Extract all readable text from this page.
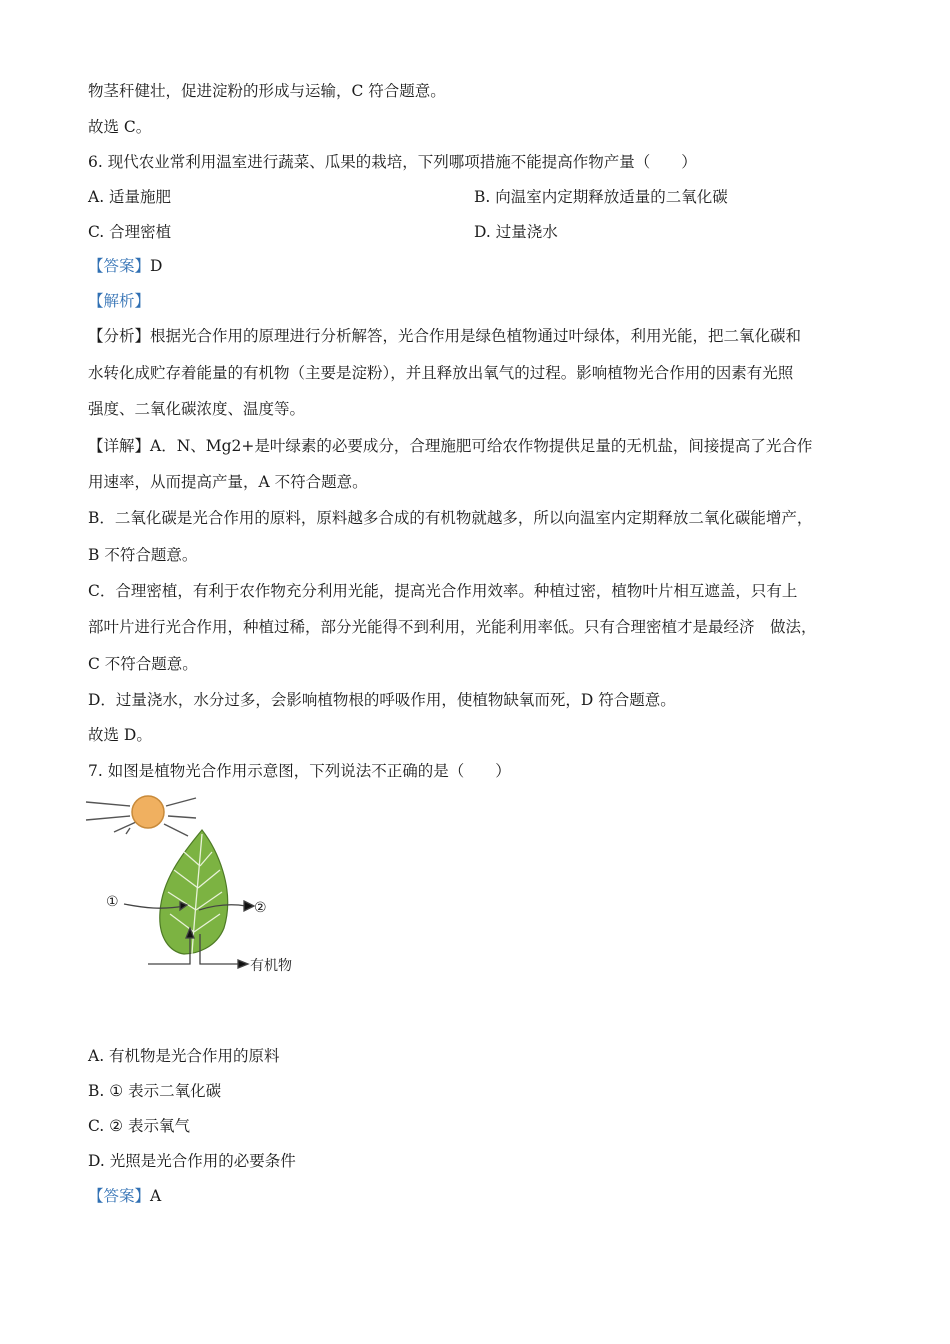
物茎秆健壮，促进淀粉的形成与运输，C 符合题意。
故选 C。
6. 现代农业常利用温室进行蔬菜、瓜果的栽培，下列哪项措施不能提高作物产量（　　）
A. 适量施肥	B. 向温室内定期释放适量的二氧化碳
C. 合理密植	D. 过量浇水
【答案】D
【解析】
【分析】根据光合作用的原理进行分析解答，光合作用是绿色植物通过叶绿体，利用光能，把二氧化碳和
水转化成贮存着能量的有机物（主要是淀粉），并且释放出氧气的过程。影响植物光合作用的因素有光照
强度、二氧化碳浓度、温度等。
【详解】A．N、Mg2+是叶绿素的必要成分，合理施肥可给农作物提供足量的无机盐，间接提高了光合作
用速率，从而提高产量，A 不符合题意。
B．二氧化碳是光合作用的原料，原料越多合成的有机物就越多，所以向温室内定期释放二氧化碳能增产，
B 不符合题意。
C．合理密植，有利于农作物充分利用光能，提高光合作用效率。种植过密，植物叶片相互遮盖，只有上
部叶片进行光合作用，种植过稀，部分光能得不到利用，光能利用率低。只有合理密植才是最经济　做法，
C 不符合题意。
D．过量浇水，水分过多，会影响植物根的呼吸作用，使植物缺氧而死，D 符合题意。
故选 D。
7. 如图是植物光合作用示意图，下列说法不正确的是（　　）
①	②
有机物
A. 有机物是光合作用的原料
B. ① 表示二氧化碳
C. ② 表示氧气
D. 光照是光合作用的必要条件
【答案】A
